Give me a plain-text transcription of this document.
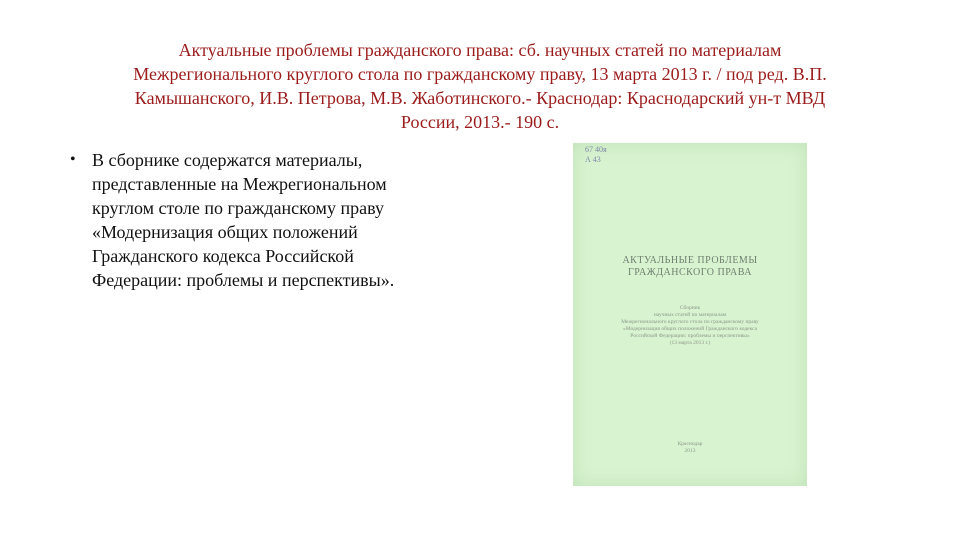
Актуальные проблемы гражданского права: сб. научных статей по материалам
Межрегионального круглого стола по гражданскому праву, 13 марта 2013 г. / под ред. В.П.
Камышанского, И.В. Петрова, М.В. Жаботинского.- Краснодар: Краснодарский ун-т МВД
России, 2013.- 190 с.
• В сборнике содержатся материалы,
представленные на Межрегиональном
круглом столе по гражданскому праву
«Модернизация общих положений
Гражданского кодекса Российской
Федерации: проблемы и перспективы».
67 40я
А 43
АКТУАЛЬНЫЕ ПРОБЛЕМЫ
ГРАЖДАНСКОГО ПРАВА
Сборник
научных статей по материалам
Межрегионального круглого стола по гражданскому праву
«Модернизация общих положений Гражданского кодекса
Российской Федерации: проблемы и перспективы»
(13 марта 2013 г.)
Краснодар
2013
